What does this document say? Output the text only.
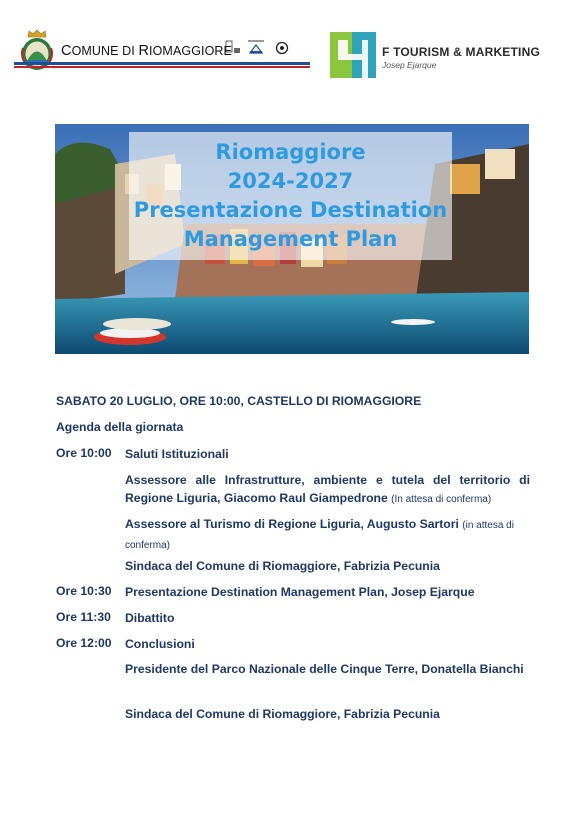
COMUNE DI RIOMAGGIORE	F TOURISM & MARKETING
Josep Ejarque
Riomaggiore
2024-2027
Presentazione Destination
Management Plan
SABATO 20 LUGLIO, ORE 10:00, CASTELLO DI RIOMAGGIORE
Agenda della giornata
Ore 10:00 Saluti Istituzionali
Assessore alle Infrastrutture, ambiente e tutela del territorio di Regione Liguria, Giacomo Raul Giampedrone (In attesa di conferma)
Assessore al Turismo di Regione Liguria, Augusto Sartori (in attesa di conferma)
Sindaca del Comune di Riomaggiore, Fabrizia Pecunia
Ore 10:30 Presentazione Destination Management Plan, Josep Ejarque
Ore 11:30 Dibattito
Ore 12:00 Conclusioni
Presidente del Parco Nazionale delle Cinque Terre, Donatella Bianchi
Sindaca del Comune di Riomaggiore, Fabrizia Pecunia
